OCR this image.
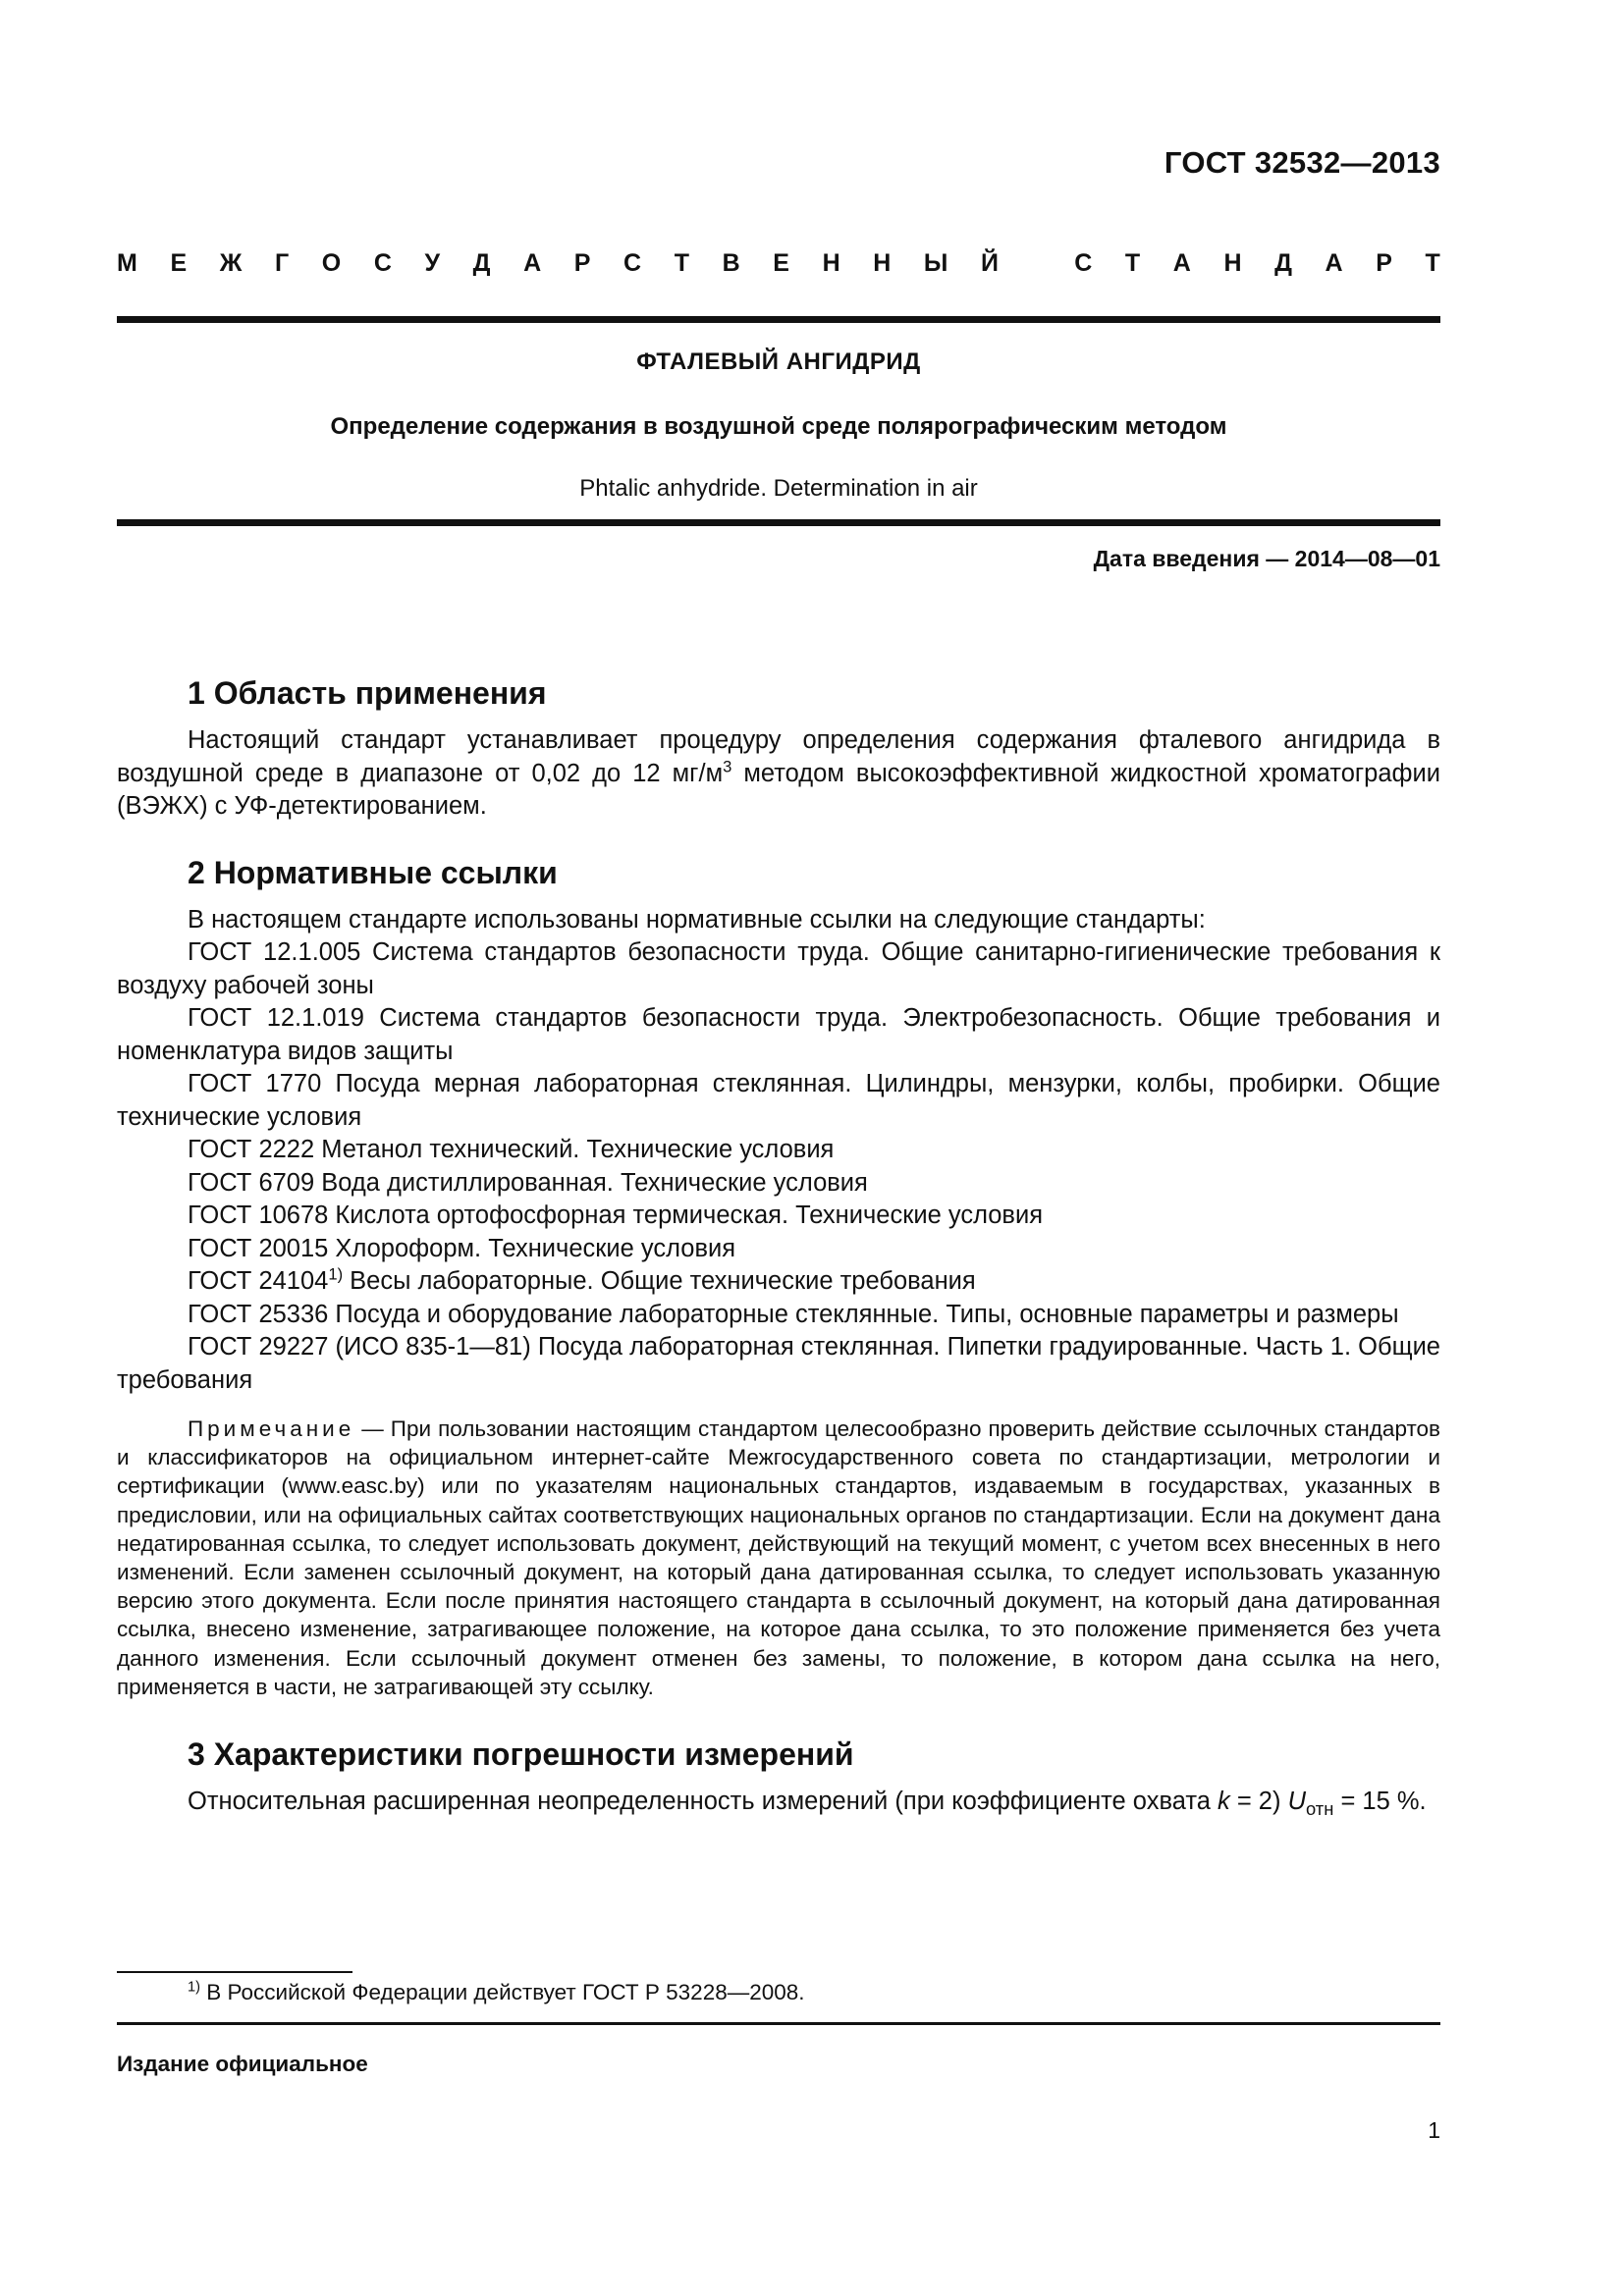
ГОСТ 32532—2013
М Е Ж Г О С У Д А Р С Т В Е Н Н Ы Й	С Т А Н Д А Р Т
ФТАЛЕВЫЙ АНГИДРИД
Определение содержания в воздушной среде полярографическим методом
Phtalic anhydride. Determination in air
Дата введения — 2014—08—01
1 Область применения

Настоящий стандарт устанавливает процедуру определения содержания фталевого ангидрида в воздушной среде в диапазоне от 0,02 до 12 $мг/м^3$ методом высокоэффективной жидкостной хроматографии (ВЭЖХ) с УФ-детектированием.

2 Нормативные ссылки

В настоящем стандарте использованы нормативные ссылки на следующие стандарты:

ГОСТ 12.1.005 Система стандартов безопасности труда. Общие санитарно-гигиенические требования к воздуху рабочей зоны

ГОСТ 12.1.019 Система стандартов безопасности труда. Электробезопасность. Общие требования и номенклатура видов защиты

ГОСТ 1770 Посуда мерная лабораторная стеклянная. Цилиндры, мензурки, колбы, пробирки. Общие технические условия

ГОСТ 2222 Метанол технический. Технические условия

ГОСТ 6709 Вода дистиллированная. Технические условия

ГОСТ 10678 Кислота ортофосфорная термическая. Технические условия

ГОСТ 20015 Хлороформ. Технические условия

ГОСТ 24104$^{1)}$ Весы лабораторные. Общие технические требования

ГОСТ 25336 Посуда и оборудование лабораторные стеклянные. Типы, основные параметры и размеры

ГОСТ 29227 (ИСО 835-1—81) Посуда лабораторная стеклянная. Пипетки градуированные. Часть 1. Общие требования

Примечание — При пользовании настоящим стандартом целесообразно проверить действие ссылочных стандартов и классификаторов на официальном интернет-сайте Межгосударственного совета по стандартизации, метрологии и сертификации (www.easc.by) или по указателям национальных стандартов, издаваемым в государствах, указанных в предисловии, или на официальных сайтах соответствующих национальных органов по стандартизации. Если на документ дана недатированная ссылка, то следует использовать документ, действующий на текущий момент, с учетом всех внесенных в него изменений. Если заменен ссылочный документ, на который дана датированная ссылка, то следует использовать указанную версию этого документа. Если после принятия настоящего стандарта в ссылочный документ, на который дана датированная ссылка, внесено изменение, затрагивающее положение, на которое дана ссылка, то это положение применяется без учета данного изменения. Если ссылочный документ отменен без замены, то положение, в котором дана ссылка на него, применяется в части, не затрагивающей эту ссылку.

3 Характеристики погрешности измерений

Относительная расширенная неопределенность измерений (при коэффициенте охвата k = 2) $U_{отн} = 15$ %.

$^{1)}$ В Российской Федерации действует ГОСТ Р 53228—2008.
Издание официальное
1
